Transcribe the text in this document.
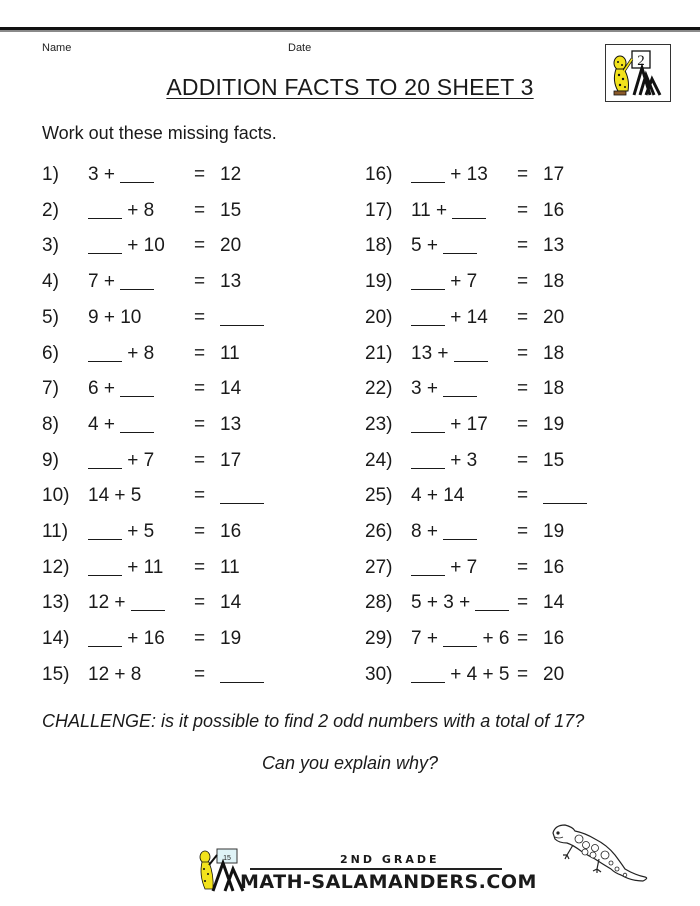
Name	Date
ADDITION FACTS TO 20 SHEET 3
2
Work out these missing facts.
1) 3 +	= 12
2)	+ 8 = 15
3)	+ 10 = 20
4) 7 +	= 13
5) 9 + 10	=
6)	+ 8 = 11
7) 6 +	= 14
8) 4 +	= 13
9)	+ 7 = 17
10) 14 + 5	=
11)	+ 5 = 16
12)	+ 11 = 11
13) 12 +	= 14
14)	+ 16 = 19
15) 12 + 8	=
16)	+ 13 = 17
17) 11 +	= 16
18) 5 +	= 13
19)	+ 7 = 18
20)	+ 14 = 20
21) 13 +	= 18
22) 3 +	= 18
23)	+ 17 = 19
24)	+ 3 = 15
25) 4 + 14	=
26) 8 +	= 19
27)	+ 7 = 16
28) 5 + 3 +	= 14
29) 7 +  + 6 = 16
30)	+ 4 + 5 = 20
CHALLENGE: is it possible to find 2 odd numbers with a total of 17?
Can you explain why?
15	2ND GRADE
MATH-SALAMANDERS.COM
